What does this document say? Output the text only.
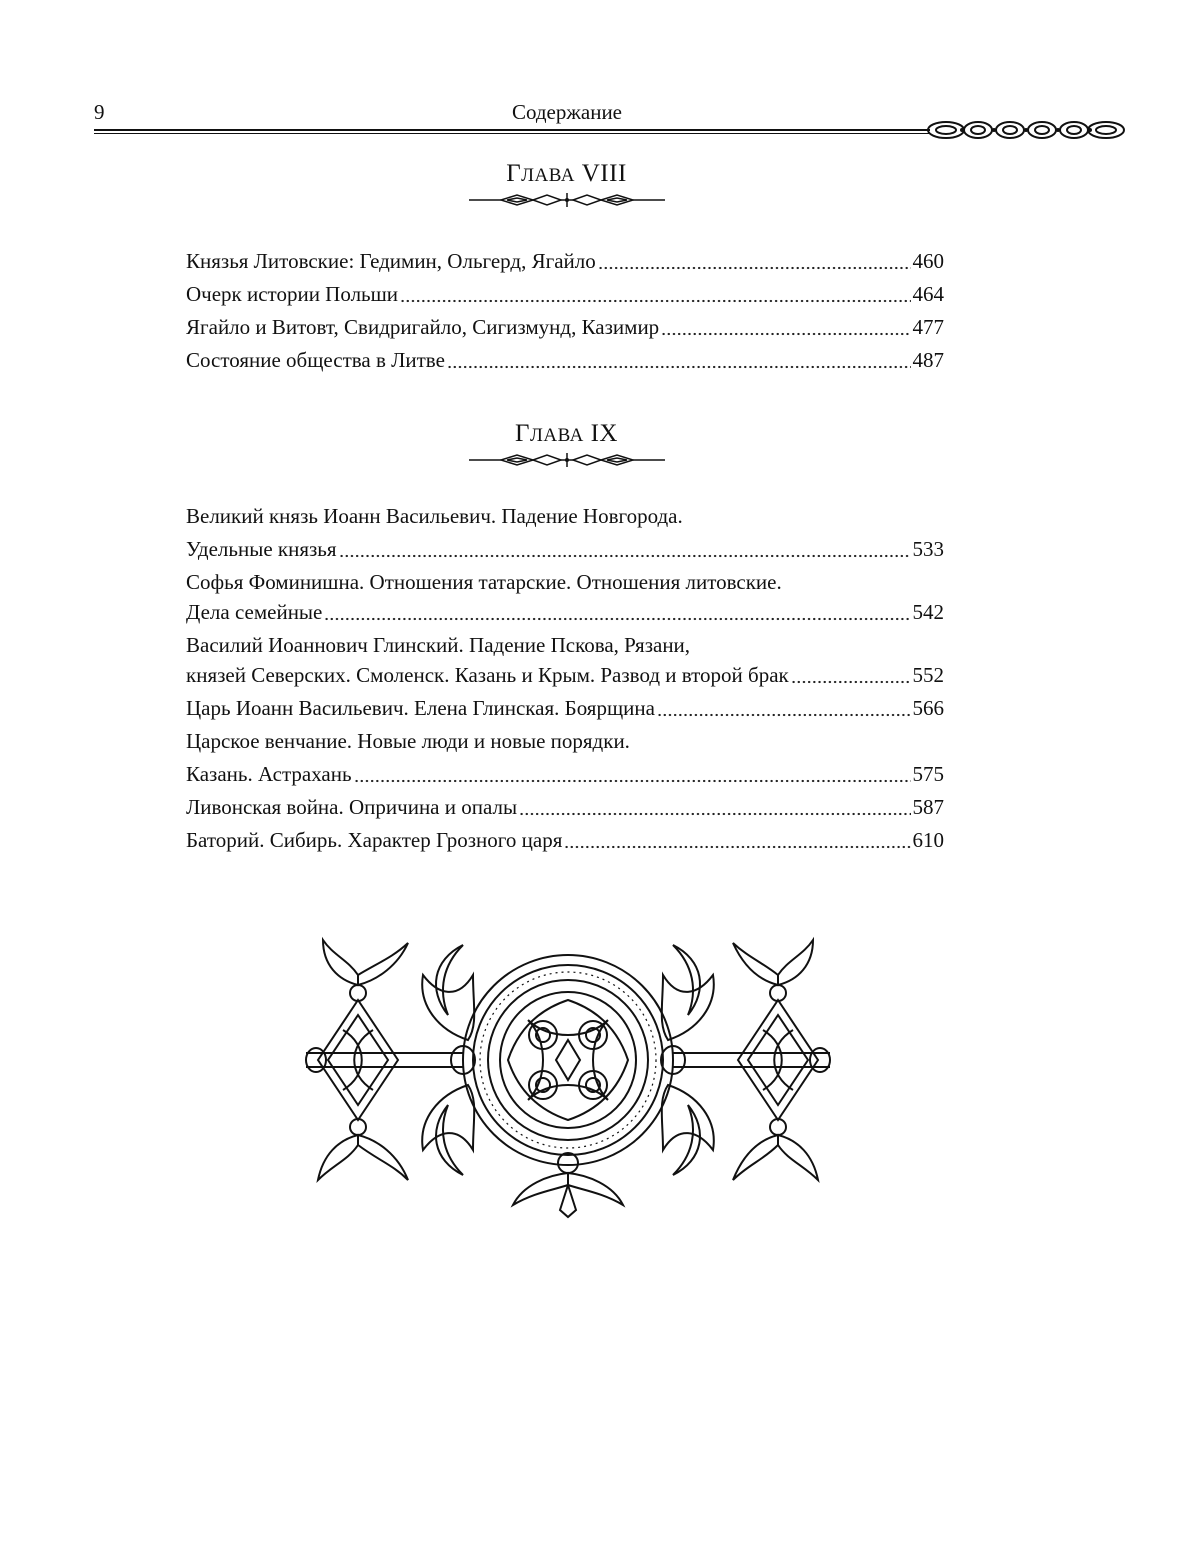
9	Содержание
ГЛАВА VIII
Князья Литовские: Гедимин, Ольгерд, Ягайло	460
Очерк истории Польши	464
Ягайло и Витовт, Свидригайло, Сигизмунд, Казимир	477
Состояние общества в Литве	487
ГЛАВА IX
Великий князь Иоанн Васильевич. Падение Новгорода.
Удельные князья	533
Софья Фоминишна. Отношения татарские. Отношения литовские.
Дела семейные	542
Василий Иоаннович Глинский. Падение Пскова, Рязани,
князей Северских. Смоленск. Казань и Крым. Развод и второй брак	552
Царь Иоанн Васильевич. Елена Глинская. Боярщина	566
Царское венчание. Новые люди и новые порядки.
Казань. Астрахань	575
Ливонская война. Опричина и опалы	587
Баторий. Сибирь. Характер Грозного царя	610
